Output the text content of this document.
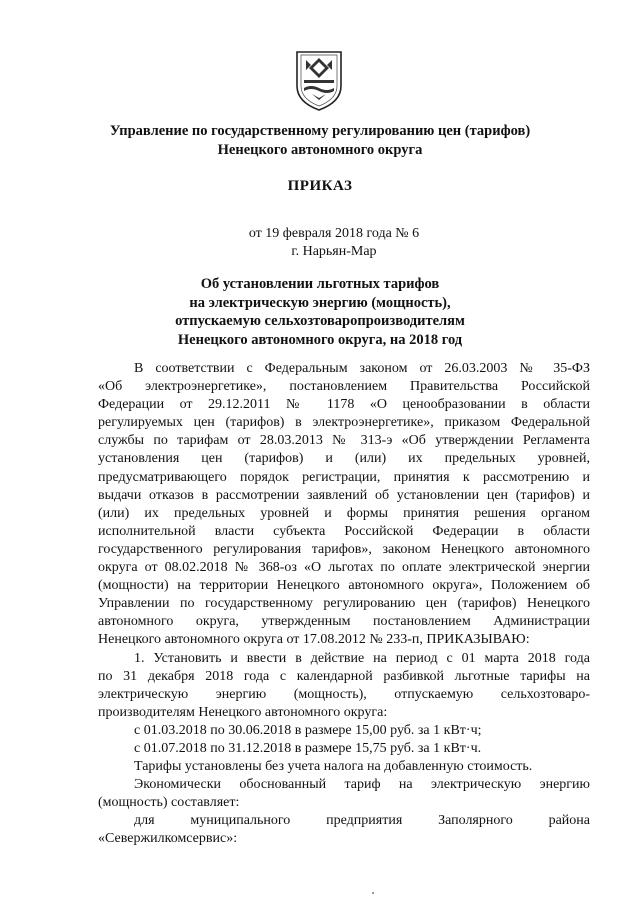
Управление по государственному регулированию цен (тарифов)
Ненецкого автономного округа
ПРИКАЗ
от 19 февраля 2018 года № 6
г. Нарьян-Мар
Об установлении льготных тарифов
на электрическую энергию (мощность),
отпускаемую сельхозтоваропроизводителям
Ненецкого автономного округа, на 2018 год

В соответствии с Федеральным законом от 26.03.2003 № 35-ФЗ

«Об электроэнергетике», постановлением Правительства Российской

Федерации от 29.12.2011 № 1178 «О ценообразовании в области

регулируемых цен (тарифов) в электроэнергетике», приказом Федеральной

службы по тарифам от 28.03.2013 № 313-э «Об утверждении Регламента

установления цен (тарифов) и (или) их предельных уровней,

предусматривающего порядок регистрации, принятия к рассмотрению и

выдачи отказов в рассмотрении заявлений об установлении цен (тарифов) и

(или) их предельных уровней и формы принятия решения органом

исполнительной власти субъекта Российской Федерации в области

государственного регулирования тарифов», законом Ненецкого автономного

округа от 08.02.2018 № 368-оз «О льготах по оплате электрической энергии

(мощности) на территории Ненецкого автономного округа», Положением об

Управлении по государственному регулированию цен (тарифов) Ненецкого

автономного округа, утвержденным постановлением Администрации

Ненецкого автономного округа от 17.08.2012 № 233-п, ПРИКАЗЫВАЮ:

1. Установить и ввести в действие на период с 01 марта 2018 года

по 31 декабря 2018 года с календарной разбивкой льготные тарифы на

электрическую энергию (мощность), отпускаемую сельхозтоваро-

производителям Ненецкого автономного округа:

с 01.03.2018 по 30.06.2018 в размере 15,00 руб. за 1 кВт·ч;

с 01.07.2018 по 31.12.2018 в размере 15,75 руб. за 1 кВт·ч.

Тарифы установлены без учета налога на добавленную стоимость.

Экономически обоснованный тариф на электрическую энергию

(мощность) составляет:

для муниципального предприятия Заполярного района

«Севержилкомсервис»:
